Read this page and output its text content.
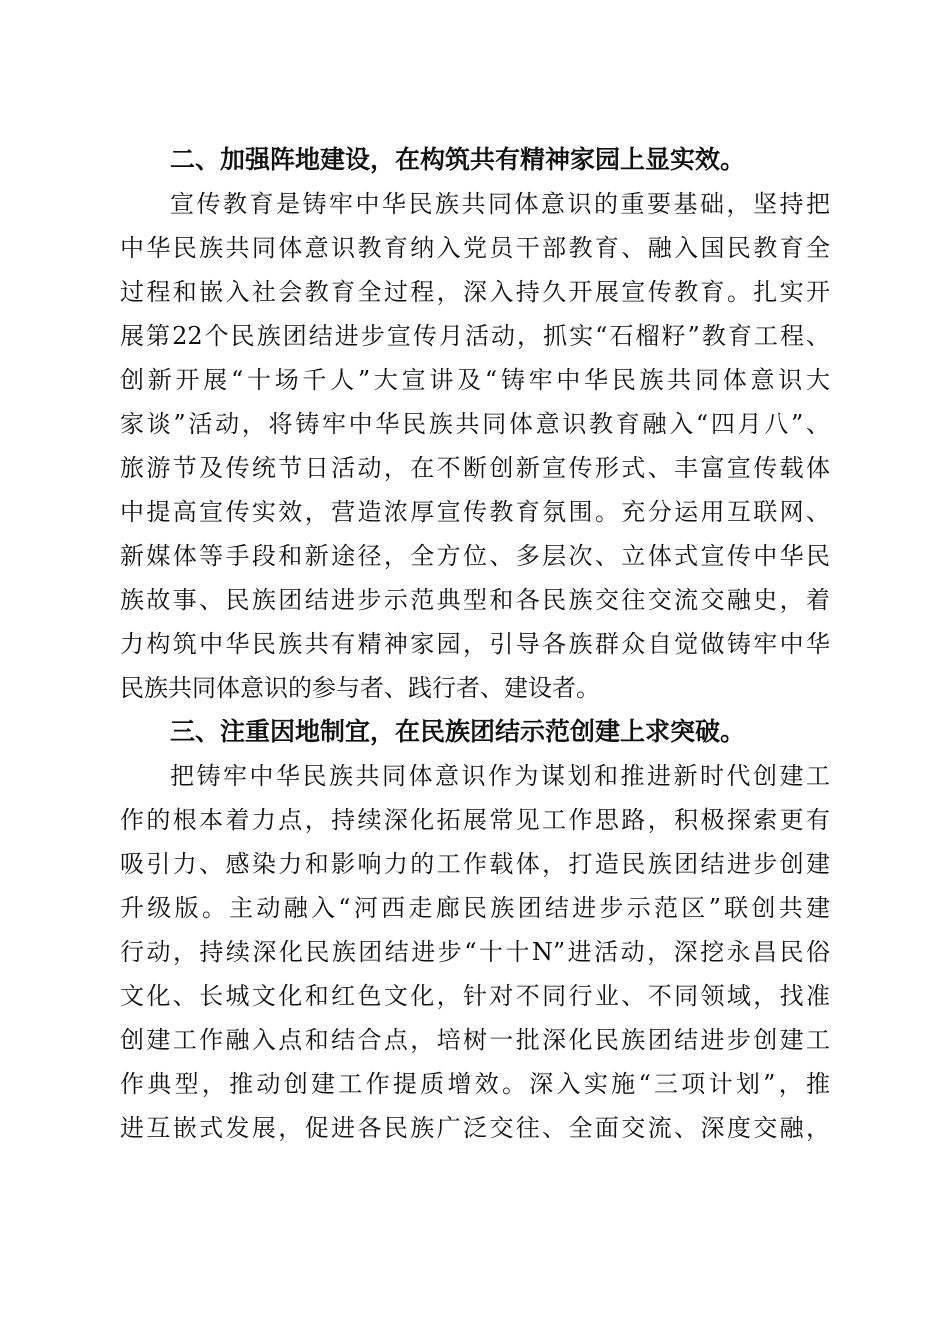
二、加强阵地建设，在构筑共有精神家园上显实效。
宣传教育是铸牢中华民族共同体意识的重要基础，坚持把
中华民族共同体意识教育纳入党员干部教育、融入国民教育全
过程和嵌入社会教育全过程，深入持久开展宣传教育。扎实开
展第22个民族团结进步宣传月活动，抓实“石榴籽”教育工程、
创新开展“十场千人”大宣讲及“铸牢中华民族共同体意识大
家谈”活动，将铸牢中华民族共同体意识教育融入“四月八”、
旅游节及传统节日活动，在不断创新宣传形式、丰富宣传载体
中提高宣传实效，营造浓厚宣传教育氛围。充分运用互联网、
新媒体等手段和新途径，全方位、多层次、立体式宣传中华民
族故事、民族团结进步示范典型和各民族交往交流交融史，着
力构筑中华民族共有精神家园，引导各族群众自觉做铸牢中华
民族共同体意识的参与者、践行者、建设者。
三、注重因地制宜，在民族团结示范创建上求突破。
把铸牢中华民族共同体意识作为谋划和推进新时代创建工
作的根本着力点，持续深化拓展常见工作思路，积极探索更有
吸引力、感染力和影响力的工作载体，打造民族团结进步创建
升级版。主动融入“河西走廊民族团结进步示范区”联创共建
行动，持续深化民族团结进步“十十N”进活动，深挖永昌民俗
文化、长城文化和红色文化，针对不同行业、不同领域，找准
创建工作融入点和结合点，培树一批深化民族团结进步创建工
作典型，推动创建工作提质增效。深入实施“三项计划”，推
进互嵌式发展，促进各民族广泛交往、全面交流、深度交融，
